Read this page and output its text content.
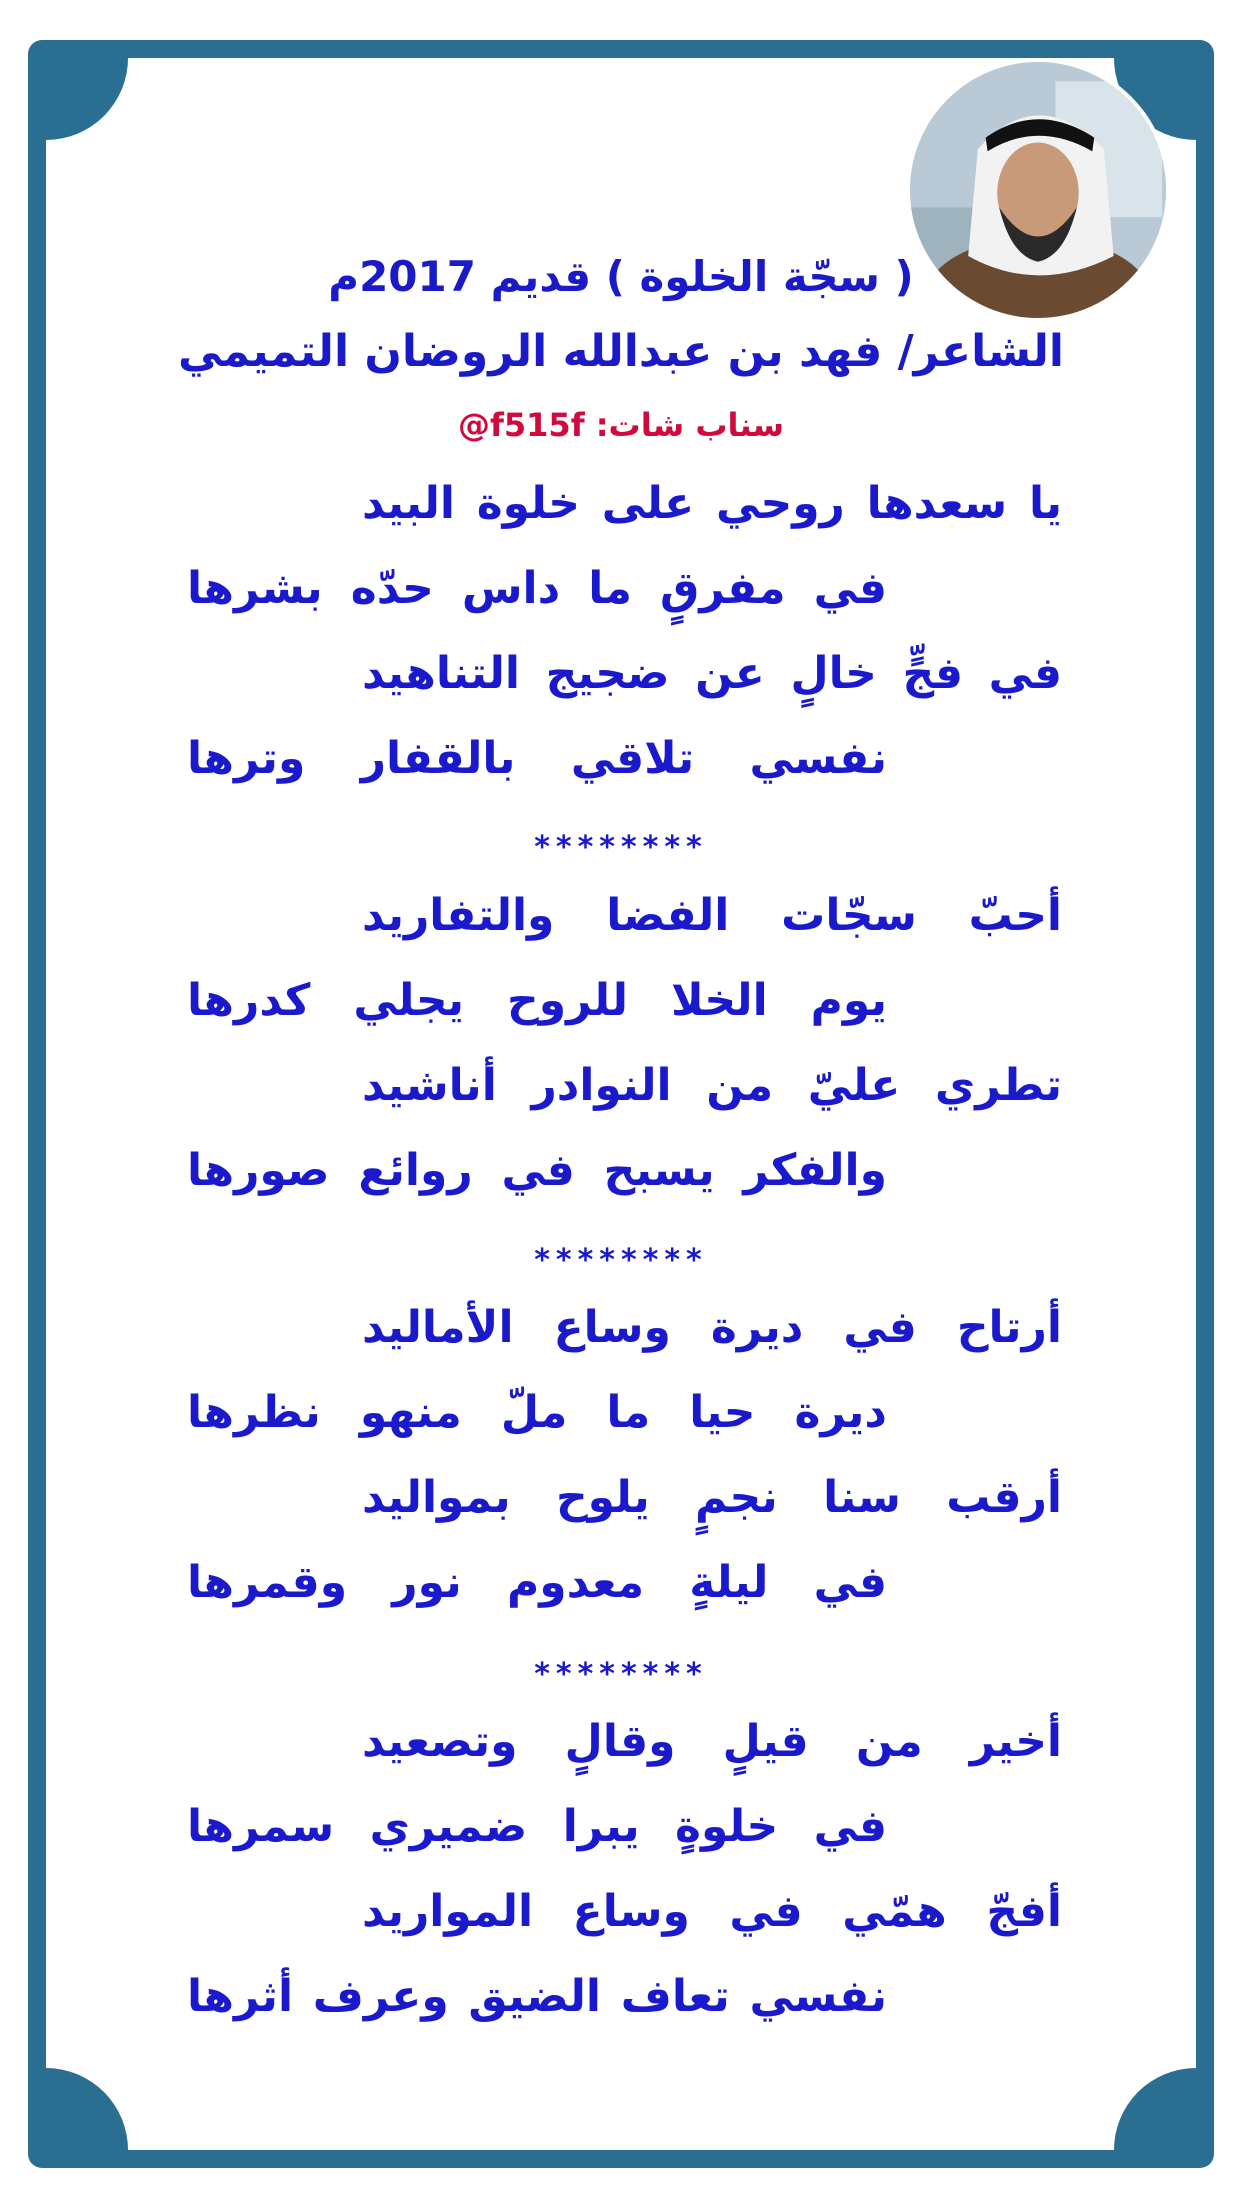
( سجّة الخلوة ) قديم 2017م
الشاعر/ فهد بن عبدالله الروضان التميمي
سناب شات: f515f@
يا
سعدها
روحي
على
خلوة
البيد
في
مفرقٍ
ما
داس
حدّه
بشرها
في
فجٍّ
خالٍ
عن
ضجيج
التناهيد
نفسي
تلاقي
بالقفار
وترها
أحبّ
سجّات
الفضا
والتفاريد
يوم
الخلا
للروح
يجلي
كدرها
تطري
عليّ
من
النوادر
أناشيد
والفكر
يسبح
في
روائع
صورها
أرتاح
في
ديرة
وساع
الأماليد
ديرة
حيا
ما
ملّ
منهو
نظرها
أرقب
سنا
نجمٍ
يلوح
بمواليد
في
ليلةٍ
معدوم
نور
وقمرها
أخير
من
قيلٍ
وقالٍ
وتصعيد
في
خلوةٍ
يبرا
ضميري
سمرها
أفجّ
همّي
في
وساع
المواريد
نفسي
تعاف
الضيق
وعرف
أثرها
********
********
********
